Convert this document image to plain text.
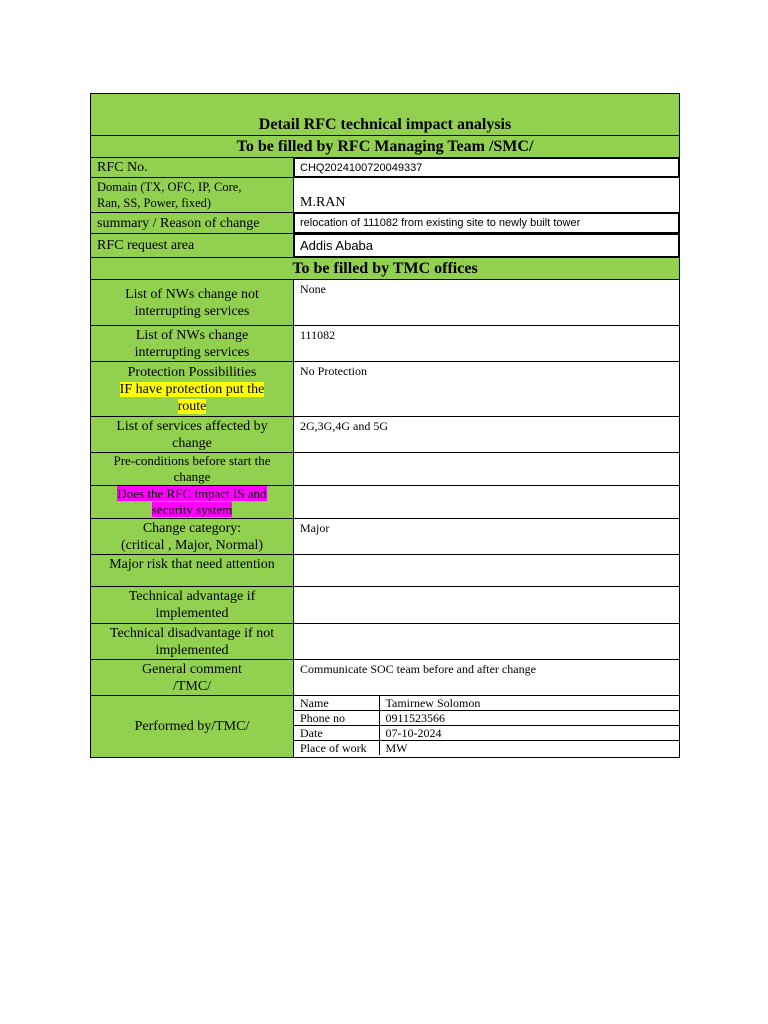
Detail RFC technical impact analysis
To be filled by RFC Managing Team /SMC/
RFC No.	CHQ2024100720049337

Domain (TX, OFC, IP, Core,
Ran, SS, Power, fixed)	M.RAN
summary / Reason of change	relocation of 111082 from existing site to newly built tower
RFC request area	Addis Ababa
To be filled by TMC offices

List of NWs change not
interrupting services
	None

List of NWs change
interrupting services
	111082

Protection Possibilities
IF have protection put the
route
	No Protection

List of services affected by
change
	2G,3G,4G and 5G

Pre-conditions before start the
change

Does the RFC impact IS and
security system

Change category:
(critical , Major, Normal)
	Major
Major risk that need attention	

Technical advantage if
implemented

Technical disadvantage if not
implemented

General comment
/TMC/
	Communicate SOC team before and after change
Performed by/TMC/	
Name	Tamirnew Solomon
Phone no	0911523566
Date	07-10-2024
Place of work	MW
